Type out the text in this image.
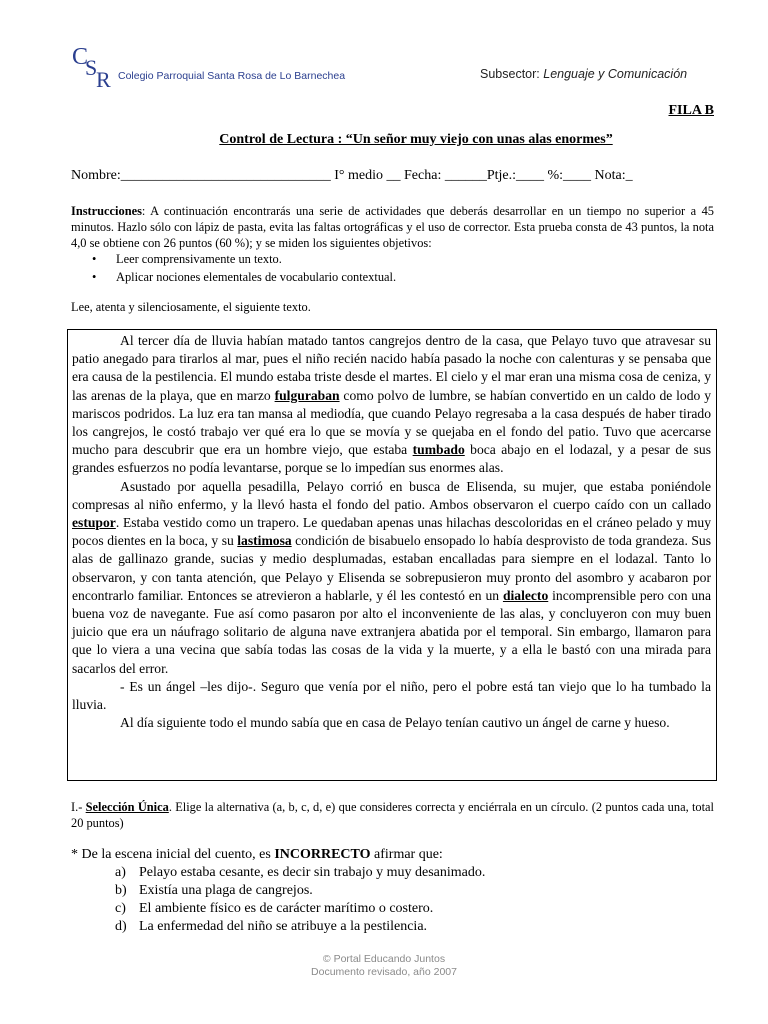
C
S
R Colegio Parroquial Santa Rosa de Lo Barnechea	Subsector: Lenguaje y Comunicación
FILA B
Control de Lectura : “Un señor muy viejo con unas alas enormes”
Nombre:______________________________ I° medio __ Fecha: ______Ptje.:____ %:____ Nota:_
Instrucciones: A continuación encontrarás una serie de actividades que deberás desarrollar en un tiempo no superior a 45 minutos. Hazlo sólo con lápiz de pasta, evita las faltas ortográficas y el uso de corrector. Esta prueba consta de 43 puntos, la nota 4,0 se obtiene con 26 puntos (60 %); y se miden los siguientes objetivos:
• Leer comprensivamente un texto.
• Aplicar nociones elementales de vocabulario contextual.
Lee, atenta y silenciosamente, el siguiente texto.

Al tercer día de lluvia habían matado tantos cangrejos dentro de la casa, que Pelayo tuvo que atravesar su patio anegado para tirarlos al mar, pues el niño recién nacido había pasado la noche con calenturas y se pensaba que era causa de la pestilencia. El mundo estaba triste desde el martes. El cielo y el mar eran una misma cosa de ceniza, y las arenas de la playa, que en marzo fulguraban como polvo de lumbre, se habían convertido en un caldo de lodo y mariscos podridos. La luz era tan mansa al mediodía, que cuando Pelayo regresaba a la casa después de haber tirado los cangrejos, le costó trabajo ver qué era lo que se movía y se quejaba en el fondo del patio. Tuvo que acercarse mucho para descubrir que era un hombre viejo, que estaba tumbado boca abajo en el lodazal, y a pesar de sus grandes esfuerzos no podía levantarse, porque se lo impedían sus enormes alas.

Asustado por aquella pesadilla, Pelayo corrió en busca de Elisenda, su mujer, que estaba poniéndole compresas al niño enfermo, y la llevó hasta el fondo del patio. Ambos observaron el cuerpo caído con un callado estupor. Estaba vestido como un trapero. Le quedaban apenas unas hilachas descoloridas en el cráneo pelado y muy pocos dientes en la boca, y su lastimosa condición de bisabuelo ensopado lo había desprovisto de toda grandeza. Sus alas de gallinazo grande, sucias y medio desplumadas, estaban encalladas para siempre en el lodazal. Tanto lo observaron, y con tanta atención, que Pelayo y Elisenda se sobrepusieron muy pronto del asombro y acabaron por encontrarlo familiar. Entonces se atrevieron a hablarle, y él les contestó en un dialecto incomprensible pero con una buena voz de navegante. Fue así como pasaron por alto el inconveniente de las alas, y concluyeron con muy buen juicio que era un náufrago solitario de alguna nave extranjera abatida por el temporal. Sin embargo, llamaron para que lo viera a una vecina que sabía todas las cosas de la vida y la muerte, y a ella le bastó con una mirada para sacarlos del error.

- Es un ángel –les dijo-. Seguro que venía por el niño, pero el pobre está tan viejo que lo ha tumbado la lluvia.

Al día siguiente todo el mundo sabía que en casa de Pelayo tenían cautivo un ángel de carne y hueso.

I.- Selección Única. Elige la alternativa (a, b, c, d, e) que consideres correcta y enciérrala en un círculo. (2 puntos cada una, total 20 puntos)
* De la escena inicial del cuento, es INCORRECTO afirmar que:
a) Pelayo estaba cesante, es decir sin trabajo y muy desanimado.
b) Existía una plaga de cangrejos.
c) El ambiente físico es de carácter marítimo o costero.
d) La enfermedad del niño se atribuye a la pestilencia.
© Portal Educando Juntos
Documento revisado, año 2007
